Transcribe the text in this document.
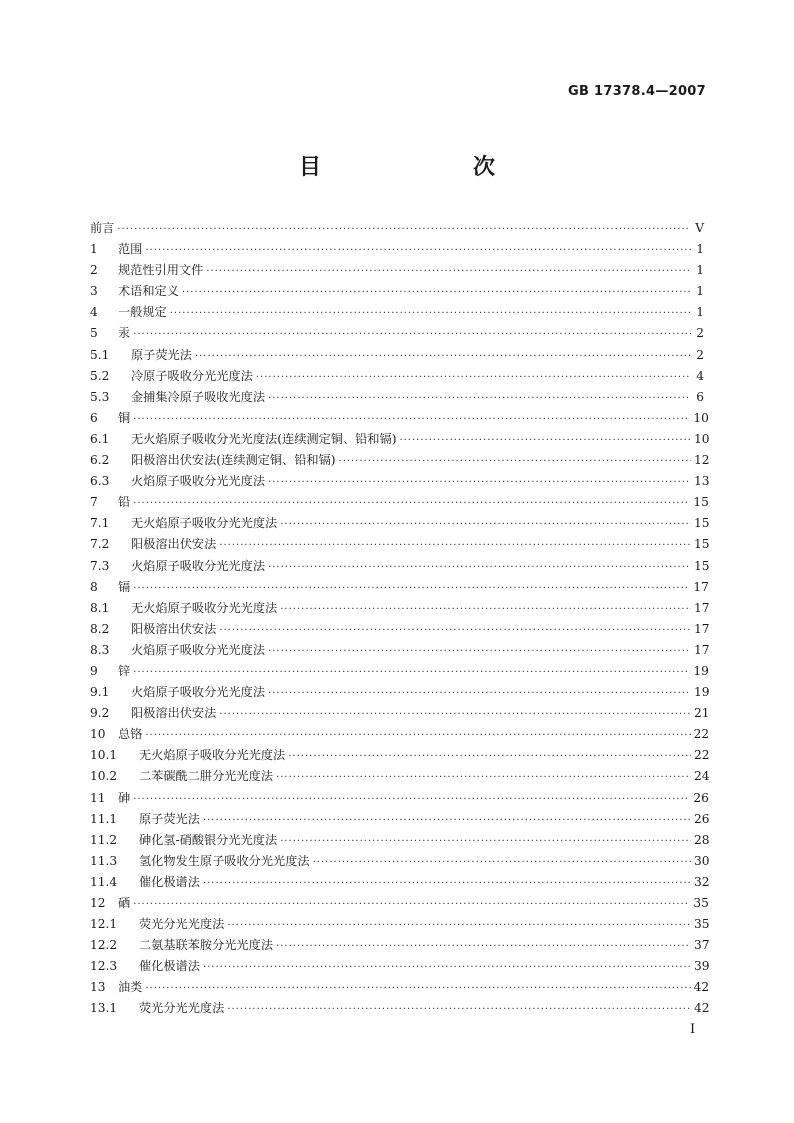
GB 17378.4—2007
目　　次
前言 ·····	V
1	范围 ·····	1
2	规范性引用文件 ·····	1
3	术语和定义 ·····	1
4	一般规定 ·····	1
5	汞 ·····	2
5.1	原子荧光法 ·····	2
5.2	冷原子吸收分光光度法 ·····	4
5.3	金捕集冷原子吸收光度法 ·····	6
6	铜 ·····	10
6.1	无火焰原子吸收分光光度法(连续测定铜、铅和镉) ·····	10
6.2	阳极溶出伏安法(连续测定铜、铅和镉) ·····	12
6.3	火焰原子吸收分光光度法 ·····	13
7	铅 ·····	15
7.1	无火焰原子吸收分光光度法 ·····	15
7.2	阳极溶出伏安法 ·····	15
7.3	火焰原子吸收分光光度法 ·····	15
8	镉 ·····	17
8.1	无火焰原子吸收分光光度法 ·····	17
8.2	阳极溶出伏安法 ·····	17
8.3	火焰原子吸收分光光度法 ·····	17
9	锌 ·····	19
9.1	火焰原子吸收分光光度法 ·····	19
9.2	阳极溶出伏安法 ·····	21
10	总铬 ·····	22
10.1	无火焰原子吸收分光光度法 ·····	22
10.2	二苯碳酰二肼分光光度法 ·····	24
11	砷 ·····	26
11.1	原子荧光法 ·····	26
11.2	砷化氢-硝酸银分光光度法 ·····	28
11.3	氢化物发生原子吸收分光光度法 ·····	30
11.4	催化极谱法 ·····	32
12	硒 ·····	35
12.1	荧光分光光度法 ·····	35
12.2	二氨基联苯胺分光光度法 ·····	37
12.3	催化极谱法 ·····	39
13	油类 ·····	42
13.1	荧光分光光度法 ·····	42
I
